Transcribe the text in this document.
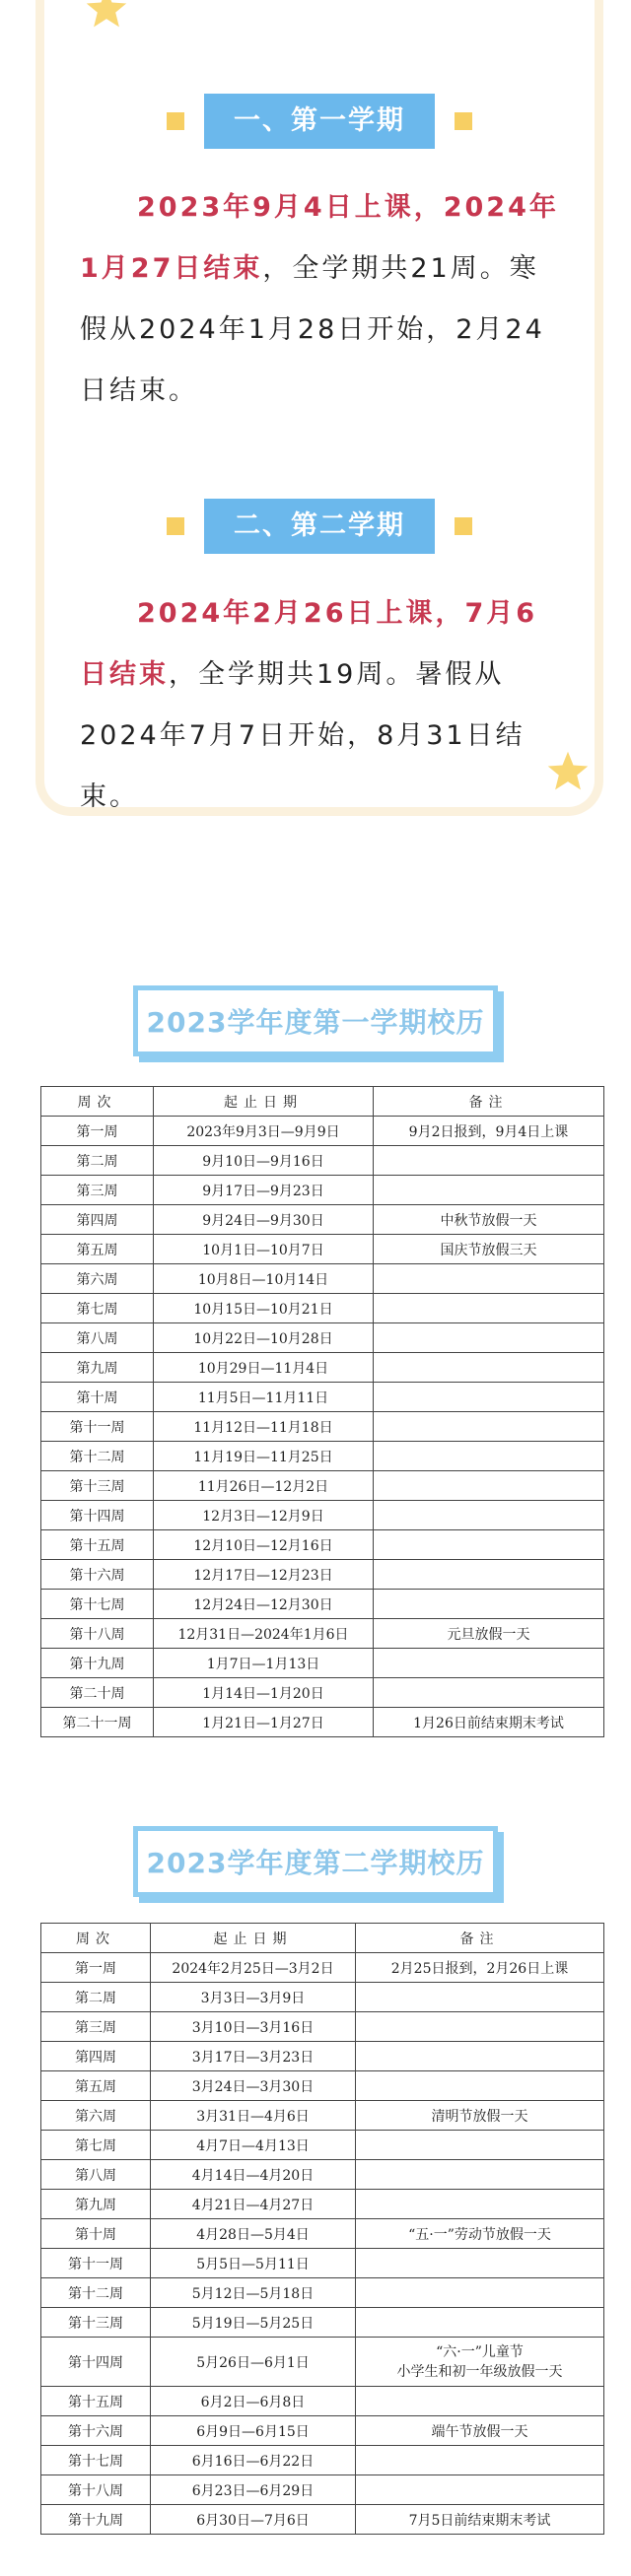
一、第一学期
2023年9月4日上课，2024年1月27日结束，全学期共21周。寒假从2024年1月28日开始，2月24日结束。
二、第二学期
2024年2月26日上课，7月6日结束，全学期共19周。暑假从2024年7月7日开始，8月31日结束。
2023学年度第一学期校历
周次	起止日期	备注
第一周	2023年9月3日—9月9日	9月2日报到，9月4日上课
第二周	9月10日—9月16日	
第三周	9月17日—9月23日	
第四周	9月24日—9月30日	中秋节放假一天
第五周	10月1日—10月7日	国庆节放假三天
第六周	10月8日—10月14日	
第七周	10月15日—10月21日	
第八周	10月22日—10月28日	
第九周	10月29日—11月4日	
第十周	11月5日—11月11日	
第十一周	11月12日—11月18日	
第十二周	11月19日—11月25日	
第十三周	11月26日—12月2日	
第十四周	12月3日—12月9日	
第十五周	12月10日—12月16日	
第十六周	12月17日—12月23日	
第十七周	12月24日—12月30日	
第十八周	12月31日—2024年1月6日	元旦放假一天
第十九周	1月7日—1月13日	
第二十周	1月14日—1月20日	
第二十一周	1月21日—1月27日	1月26日前结束期末考试
2023学年度第二学期校历
周次	起止日期	备注
第一周	2024年2月25日—3月2日	2月25日报到，2月26日上课
第二周	3月3日—3月9日	
第三周	3月10日—3月16日	
第四周	3月17日—3月23日	
第五周	3月24日—3月30日	
第六周	3月31日—4月6日	清明节放假一天
第七周	4月7日—4月13日	
第八周	4月14日—4月20日	
第九周	4月21日—4月27日	
第十周	4月28日—5月4日	“五·一”劳动节放假一天
第十一周	5月5日—5月11日	
第十二周	5月12日—5月18日	
第十三周	5月19日—5月25日	
第十四周	5月26日—6月1日	“六·一”儿童节
小学生和初一年级放假一天
第十五周	6月2日—6月8日	
第十六周	6月9日—6月15日	端午节放假一天
第十七周	6月16日—6月22日	
第十八周	6月23日—6月29日	
第十九周	6月30日—7月6日	7月5日前结束期末考试
